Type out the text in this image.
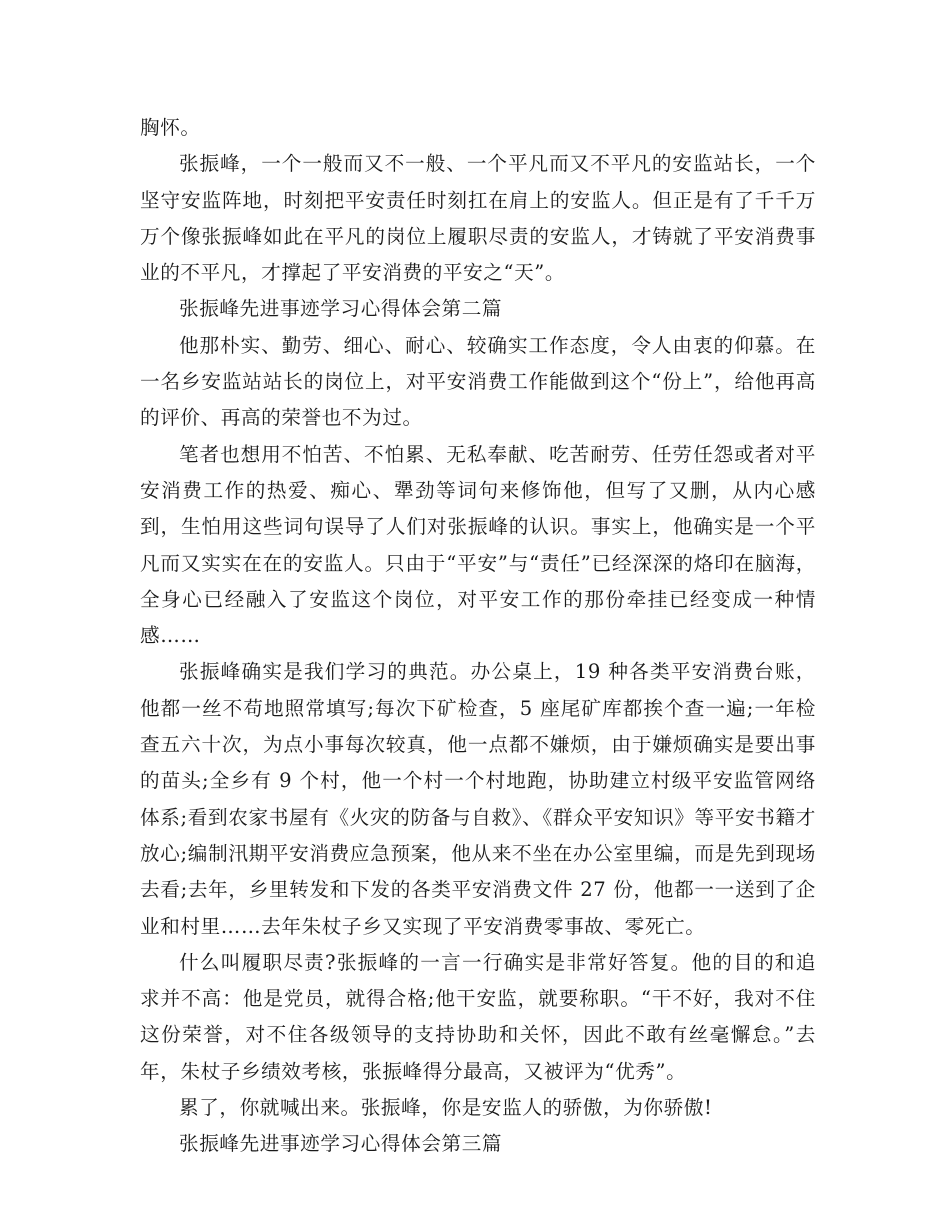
胸怀。

张振峰，一个一般而又不一般、一个平凡而又不平凡的安监站长，一个坚守安监阵地，时刻把平安责任时刻扛在肩上的安监人。但正是有了千千万万个像张振峰如此在平凡的岗位上履职尽责的安监人，才铸就了平安消费事业的不平凡，才撑起了平安消费的平安之“天”。

张振峰先进事迹学习心得体会第二篇

他那朴实、勤劳、细心、耐心、较确实工作态度，令人由衷的仰慕。在一名乡安监站站长的岗位上，对平安消费工作能做到这个“份上”，给他再高的评价、再高的荣誉也不为过。

笔者也想用不怕苦、不怕累、无私奉献、吃苦耐劳、任劳任怨或者对平安消费工作的热爱、痴心、犟劲等词句来修饰他，但写了又删，从内心感到，生怕用这些词句误导了人们对张振峰的认识。事实上，他确实是一个平凡而又实实在在的安监人。只由于“平安”与“责任”已经深深的烙印在脑海，全身心已经融入了安监这个岗位，对平安工作的那份牵挂已经变成一种情感……

张振峰确实是我们学习的典范。办公桌上，19 种各类平安消费台账，他都一丝不苟地照常填写;每次下矿检查，5 座尾矿库都挨个查一遍;一年检查五六十次，为点小事每次较真，他一点都不嫌烦，由于嫌烦确实是要出事的苗头;全乡有 9 个村，他一个村一个村地跑，协助建立村级平安监管网络体系;看到农家书屋有《火灾的防备与自救》、《群众平安知识》等平安书籍才放心;编制汛期平安消费应急预案，他从来不坐在办公室里编，而是先到现场去看;去年，乡里转发和下发的各类平安消费文件 27 份，他都一一送到了企业和村里……去年朱杖子乡又实现了平安消费零事故、零死亡。

什么叫履职尽责?张振峰的一言一行确实是非常好答复。他的目的和追求并不高：他是党员，就得合格;他干安监，就要称职。“干不好，我对不住这份荣誉，对不住各级领导的支持协助和关怀，因此不敢有丝毫懈怠。”去年，朱杖子乡绩效考核，张振峰得分最高，又被评为“优秀”。

累了，你就喊出来。张振峰，你是安监人的骄傲，为你骄傲!

张振峰先进事迹学习心得体会第三篇
